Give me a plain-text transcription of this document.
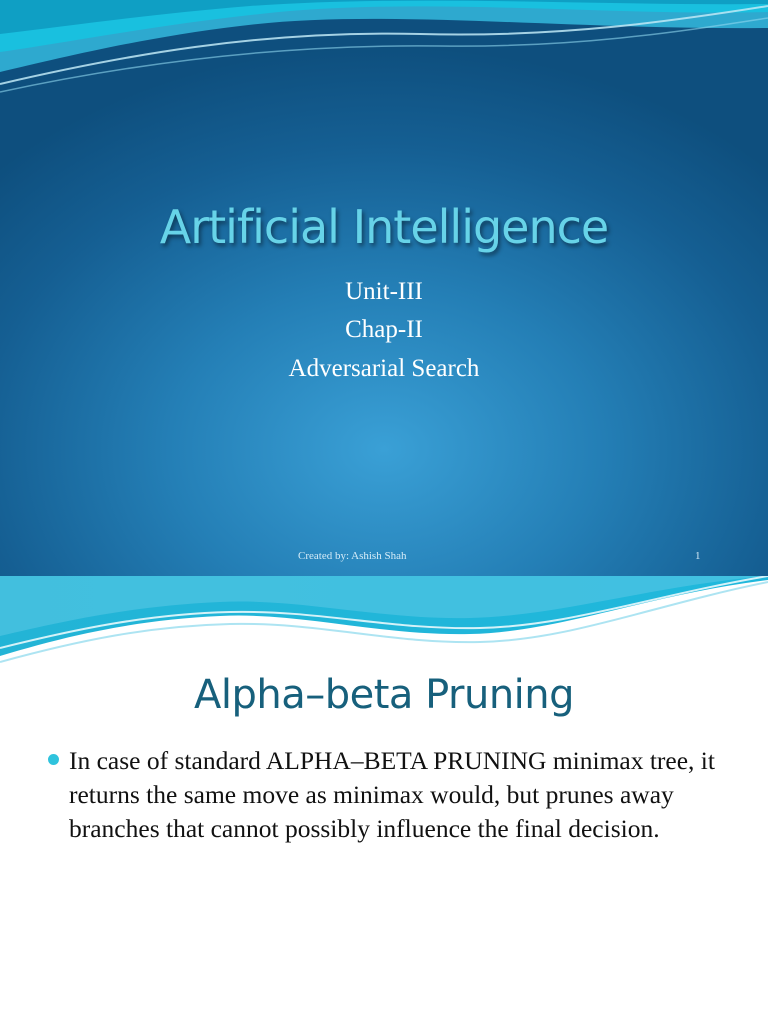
Artificial Intelligence
Unit-III
Chap-II
Adversarial Search
Created by: Ashish Shah	1
Alpha–beta Pruning
In case of standard ALPHA–BETA PRUNING minimax tree, it returns the same move as minimax would, but prunes away branches that cannot possibly influence the final decision.
